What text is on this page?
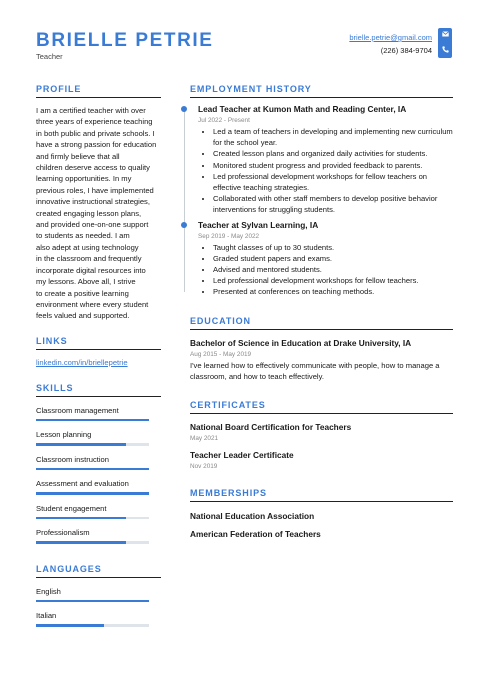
BRIELLE PETRIE
Teacher
brielle.petrie@gmail.com
(226) 384-9704
PROFILE

I am a certified teacher with over
three years of experience teaching
in both public and private schools. I
have a strong passion for education
and firmly believe that all
children deserve access to quality
learning opportunities. In my
previous roles, I have implemented
innovative instructional strategies,
created engaging lesson plans,
and provided one-on-one support
to students as needed. I am
also adept at using technology
in the classroom and frequently
incorporate digital resources into
my lessons. Above all, I strive
to create a positive learning
environment where every student
feels valued and supported.

LINKS
linkedin.com/in/briellepetrie
SKILLS
Classroom management
Lesson planning
Classroom instruction
Assessment and evaluation
Student engagement
Professionalism
LANGUAGES
English
Italian
EMPLOYMENT HISTORY
Lead Teacher at Kumon Math and Reading Center, IA
Jul 2022 - Present
• Led a team of teachers in developing and implementing new curriculum for the school year.
• Created lesson plans and organized daily activities for students.
• Monitored student progress and provided feedback to parents.
• Led professional development workshops for fellow teachers on effective teaching strategies.
• Collaborated with other staff members to develop positive behavior interventions for struggling students.
Teacher at Sylvan Learning, IA
Sep 2019 - May 2022
• Taught classes of up to 30 students.
• Graded student papers and exams.
• Advised and mentored students.
• Led professional development workshops for fellow teachers.
• Presented at conferences on teaching methods.
EDUCATION
Bachelor of Science in Education at Drake University, IA
Aug 2015 - May 2019
I've learned how to effectively communicate with people, how to manage a classroom, and how to teach effectively.
CERTIFICATES
National Board Certification for Teachers
May 2021
Teacher Leader Certificate
Nov 2019
MEMBERSHIPS
National Education Association
American Federation of Teachers
